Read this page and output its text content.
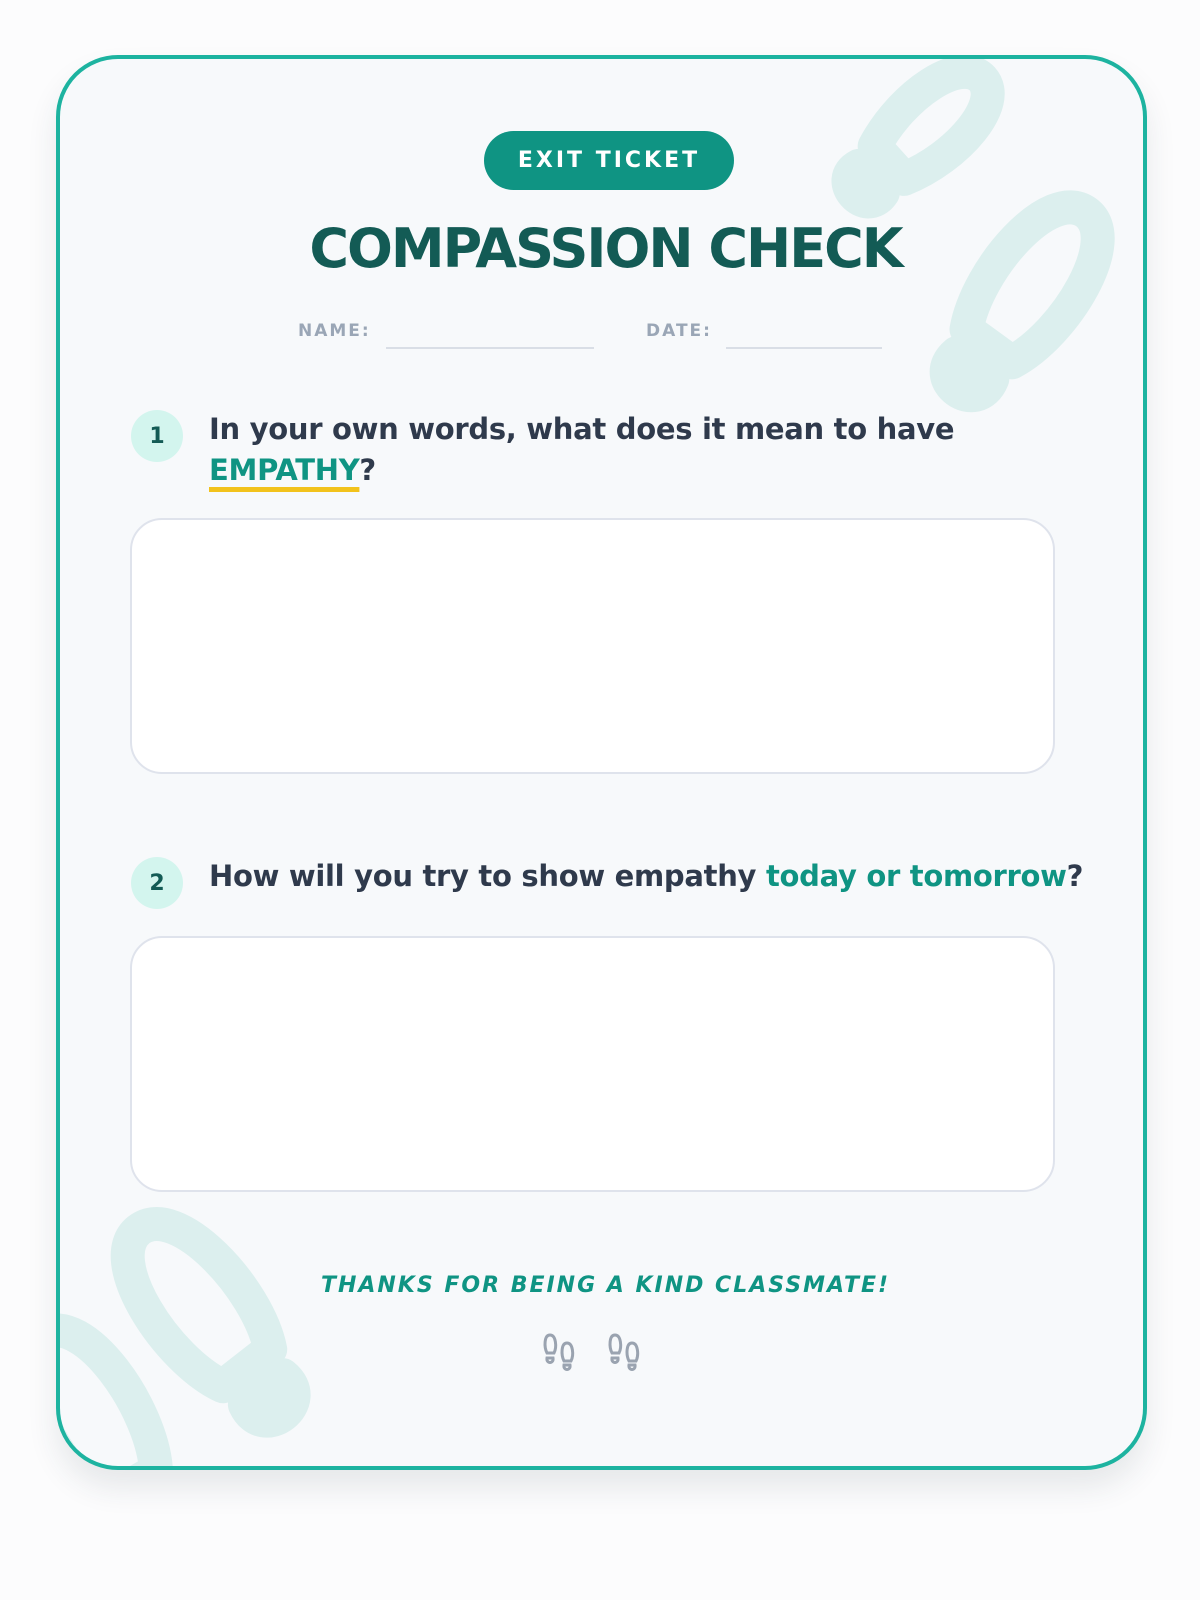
EXIT TICKET
COMPASSION CHECK
NAME:	DATE:
1	In your own words, what does it mean to have
EMPATHY?
2	How will you try to show empathy today or tomorrow?
THANKS FOR BEING A KIND CLASSMATE!
